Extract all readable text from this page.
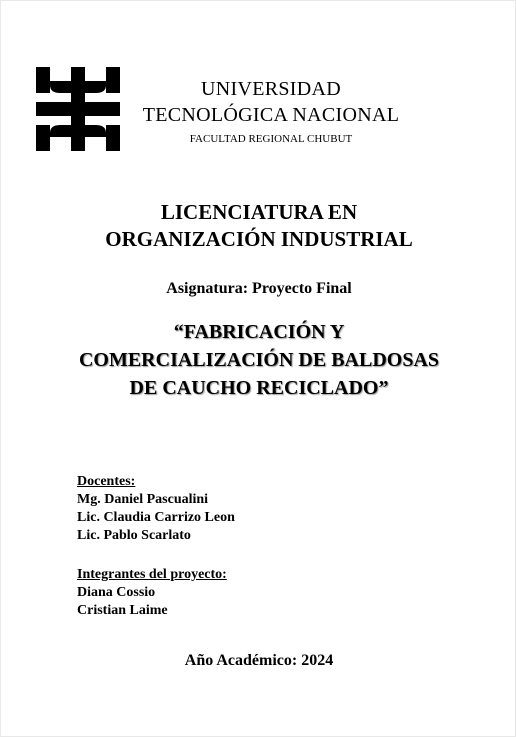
UNIVERSIDAD
TECNOLÓGICA NACIONAL
FACULTAD REGIONAL CHUBUT
LICENCIATURA EN
ORGANIZACIÓN INDUSTRIAL
Asignatura: Proyecto Final
“FABRICACIÓN Y
COMERCIALIZACIÓN DE BALDOSAS
DE CAUCHO RECICLADO”
Docentes:
Mg. Daniel Pascualini
Lic. Claudia Carrizo Leon
Lic. Pablo Scarlato
Integrantes del proyecto:
Diana Cossio
Cristian Laime
Año Académico: 2024
